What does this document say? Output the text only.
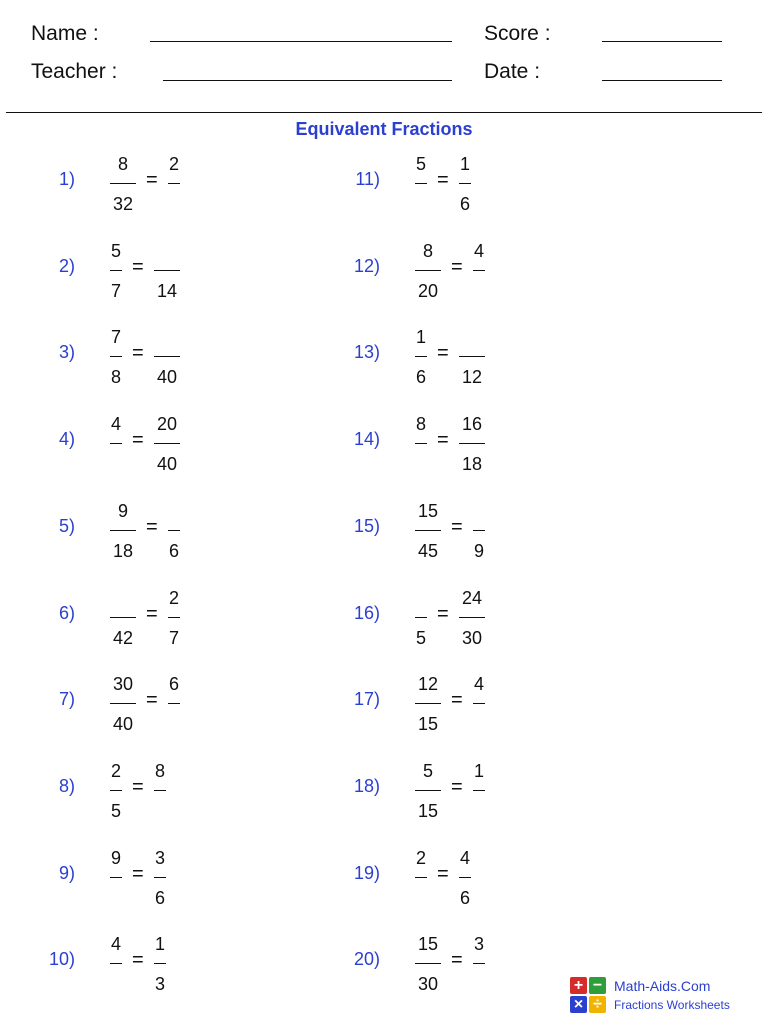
Name :
Teacher :
Score :
Date :
Equivalent Fractions
1)
8
32
=
2
2)
5
7
=
14
3)
7
8
=
40
4)
4
=
20
40
5)
9
18
=
6
6)
42
=
2
7
7)
30
40
=
6
8)
2
5
=
8
9)
9
=
3
6
10)
4
=
1
3
11)
5
=
1
6
12)
8
20
=
4
13)
1
6
=
12
14)
8
=
16
18
15)
15
45
=
9
16)
5
=
24
30
17)
12
15
=
4
18)
5
15
=
1
19)
2
=
4
6
20)
15
30
=
3
+ −
× ÷
Math-Aids.Com
Fractions Worksheets
